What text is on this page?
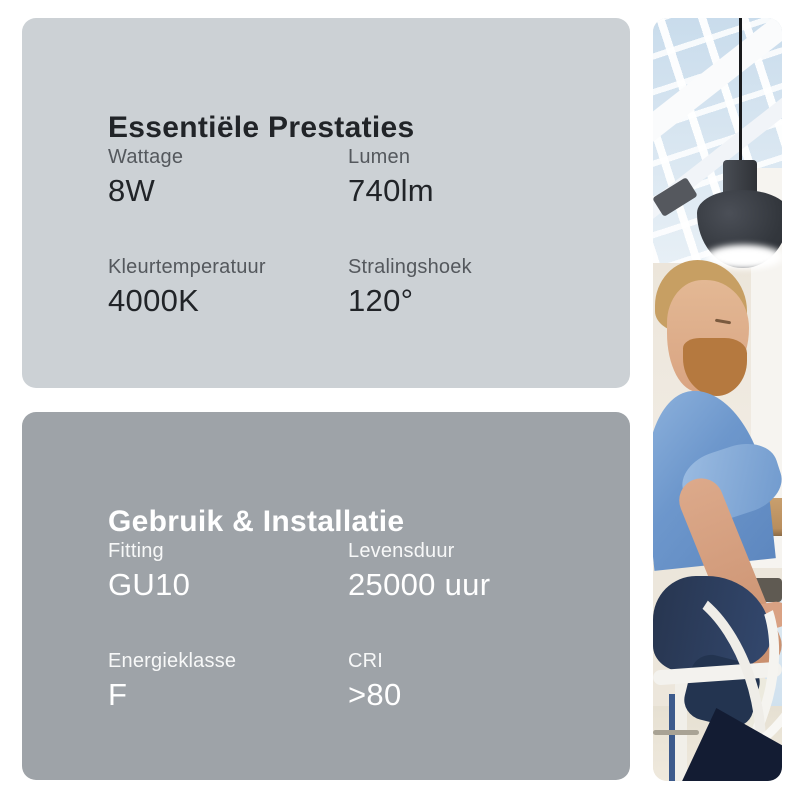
Essentiële Prestaties
Wattage
8W
Lumen
740lm
Kleurtemperatuur
4000K
Stralingshoek
120°
Gebruik & Installatie
Fitting
GU10
Levensduur
25000 uur
Energieklasse
F
CRI
>80
